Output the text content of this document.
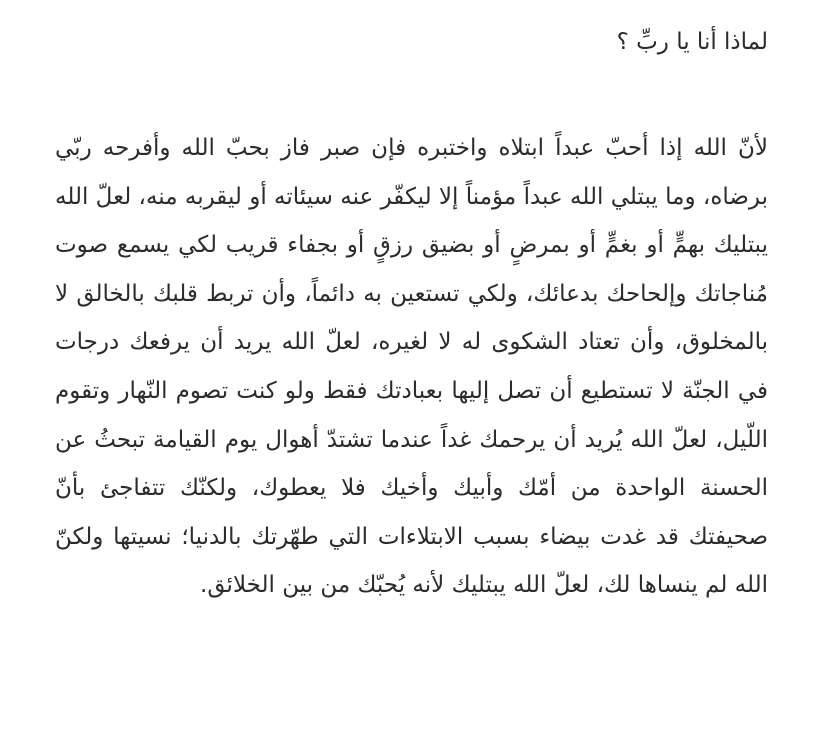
لماذا أنا يا ربِّ ؟

لأنّ الله إذا أحبّ عبداً ابتلاه واختبره فإن صبر فاز بحبّ الله وأفرحه ربّي برضاه، وما يبتلي الله عبداً مؤمناً إلا ليكفّر عنه سيئاته أو ليقربه منه، لعلّ الله يبتليك بهمٍّ أو بغمٍّ أو بمرضٍ أو بضيق رزقٍ أو بجفاء قريب لكي يسمع صوت مُناجاتك وإلحاحك بدعائك، ولكي تستعين به دائماً، وأن تربط قلبك بالخالق لا بالمخلوق، وأن تعتاد الشكوى له لا لغيره، لعلّ الله يريد أن يرفعك درجات في الجنّة لا تستطيع أن تصل إليها بعبادتك فقط ولو كنت تصوم النّهار وتقوم اللّيل، لعلّ الله يُريد أن يرحمك غداً عندما تشتدّ أهوال يوم القيامة تبحثُ عن الحسنة الواحدة من أمّك وأبيك وأخيك فلا يعطوك، ولكنّك تتفاجئ بأنّ صحيفتك قد غدت بيضاء بسبب الابتلاءات التي طهّرتك بالدنيا؛ نسيتها ولكنّ الله لم ينساها لك، لعلّ الله يبتليك لأنه يُحبّك من بين الخلائق.
